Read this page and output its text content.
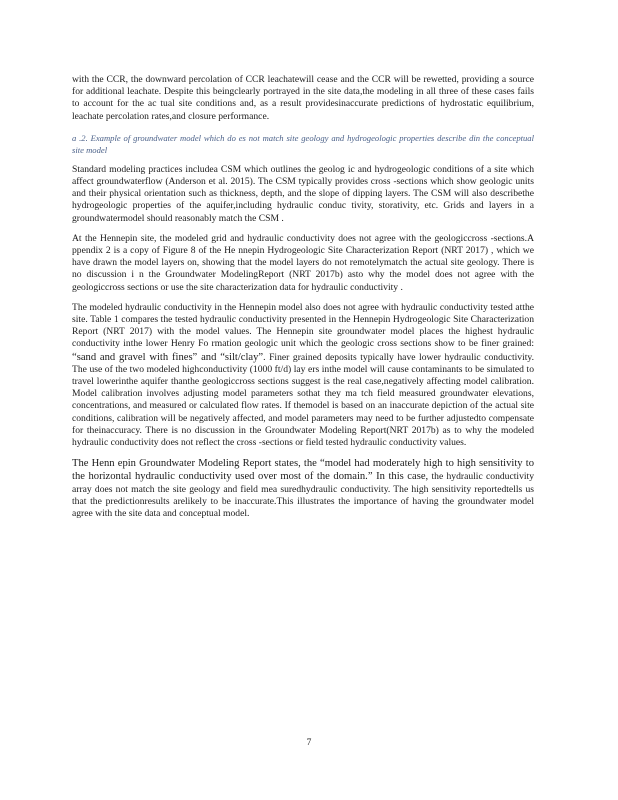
with the CCR, the downward percolation of CCR leachatewill cease and the CCR will be rewetted, providing a source for additional leachate. Despite this beingclearly portrayed in the site data,the modeling in all three of these cases fails to account for the ac tual site conditions and, as a result providesinaccurate predictions of hydrostatic equilibrium, leachate percolation rates,and closure performance.

a .2. Example of groundwater model which do es not match site geology and hydrogeologic properties describe din the conceptual site model

Standard modeling practices includea CSM which outlines the geolog ic and hydrogeologic conditions of a site which affect groundwaterflow (Anderson et al. 2015). The CSM typically provides cross -sections which show geologic units and their physical orientation such as thickness, depth, and the slope of dipping layers. The CSM will also describethe hydrogeologic properties of the aquifer,including hydraulic conduc tivity, storativity, etc. Grids and layers in a groundwatermodel should reasonably match the CSM .

At the Hennepin site, the modeled grid and hydraulic conductivity does not agree with the geologiccross -sections.A ppendix 2 is a copy of Figure 8 of the He nnepin Hydrogeologic Site Characterization Report (NRT 2017) , which we have drawn the model layers on, showing that the model layers do not remotelymatch the actual site geology. There is no discussion i n the Groundwater ModelingReport (NRT 2017b) asto why the model does not agree with the geologiccross sections or use the site characterization data for hydraulic conductivity .

The modeled hydraulic conductivity in the Hennepin model also does not agree with hydraulic conductivity tested atthe site. Table 1 compares the tested hydraulic conductivity presented in the Hennepin Hydrogeologic Site Characterization Report (NRT 2017) with the model values. The Hennepin site groundwater model places the highest hydraulic conductivity inthe lower Henry Fo rmation geologic unit which the geologic cross sections show to be finer grained: “sand and gravel with fines” and “silt/clay”. Finer grained deposits typically have lower hydraulic conductivity. The use of the two modeled highconductivity (1000 ft/d) lay ers inthe model will cause contaminants to be simulated to travel lowerinthe aquifer thanthe geologiccross sections suggest is the real case,negatively affecting model calibration. Model calibration involves adjusting model parameters sothat they ma tch field measured groundwater elevations, concentrations, and measured or calculated flow rates. If themodel is based on an inaccurate depiction of the actual site conditions, calibration will be negatively affected, and model parameters may need to be further adjustedto compensate for theinaccuracy. There is no discussion in the Groundwater Modeling Report(NRT 2017b) as to why the modeled hydraulic conductivity does not reflect the cross -sections or field tested hydraulic conductivity values.

The Henn epin Groundwater Modeling Report states, the “model had moderately high to high sensitivity to the horizontal hydraulic conductivity used over most of the domain.” In this case, the hydraulic conductivity array does not match the site geology and field mea suredhydraulic conductivity. The high sensitivity reportedtells us that the predictionresults arelikely to be inaccurate.This illustrates the importance of having the groundwater model agree with the site data and conceptual model.

7
